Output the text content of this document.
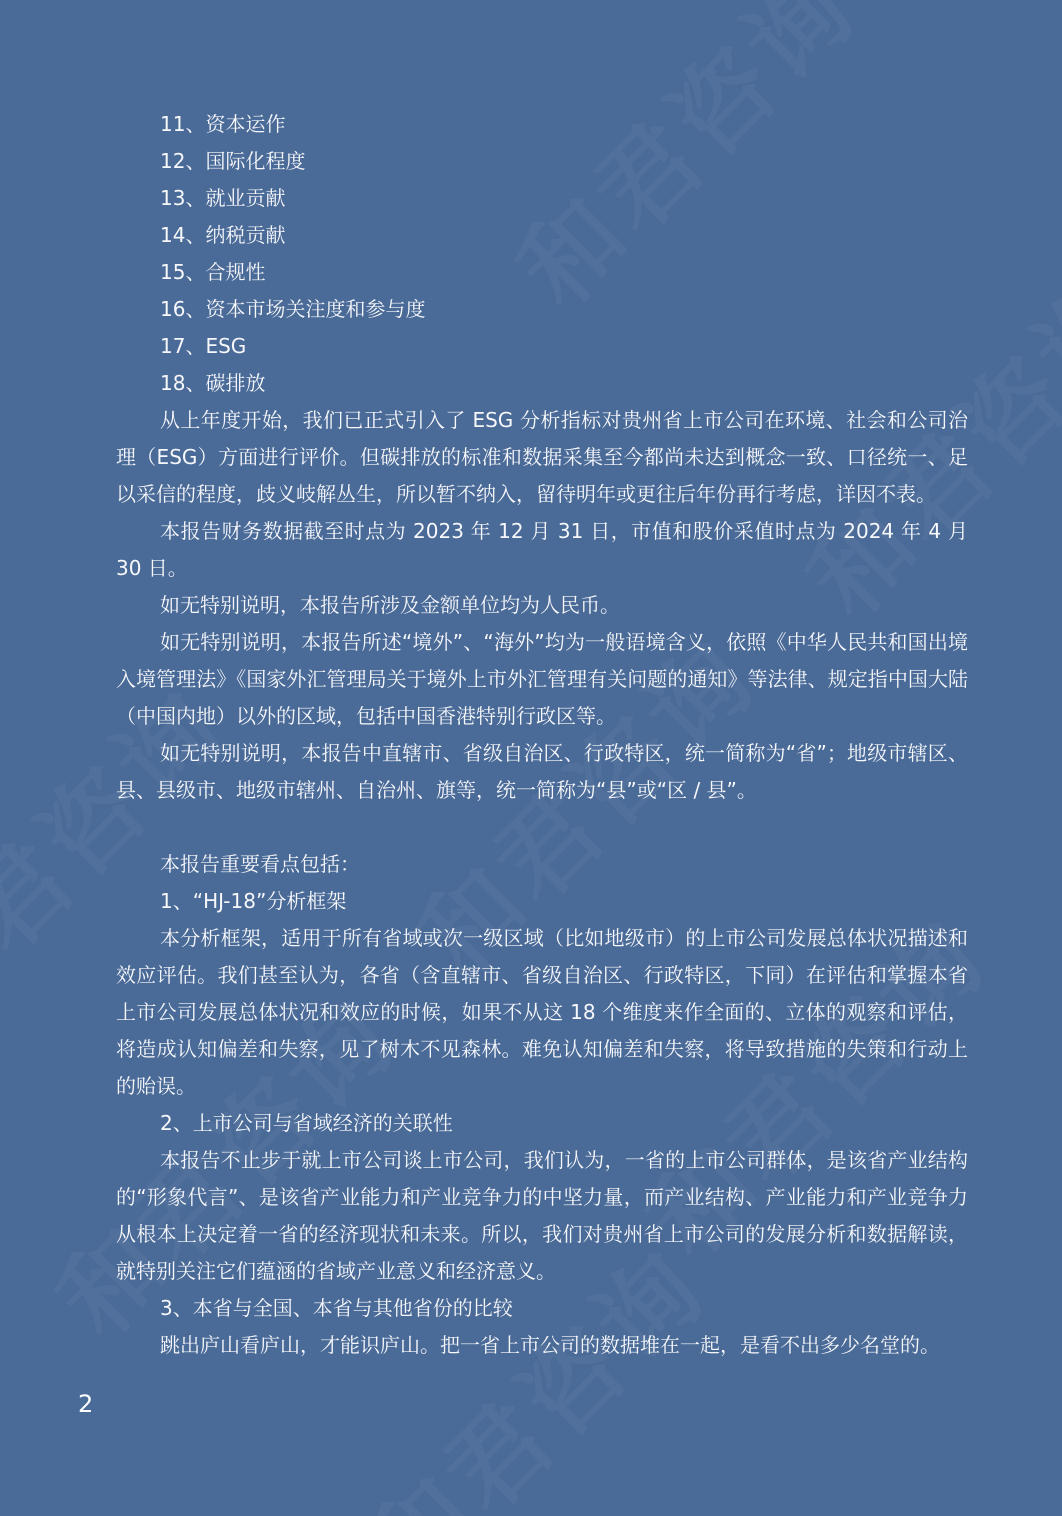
11、资本运作

12、国际化程度

13、就业贡献

14、纳税贡献

15、合规性

16、资本市场关注度和参与度

17、ESG

18、碳排放

从上年度开始，我们已正式引入了 ESG 分析指标对贵州省上市公司在环境、社会和公司治理（ESG）方面进行评价。但碳排放的标准和数据采集至今都尚未达到概念一致、口径统一、足以采信的程度，歧义岐解丛生，所以暂不纳入，留待明年或更往后年份再行考虑，详因不表。

本报告财务数据截至时点为 2023 年 12 月 31 日，市值和股价采值时点为 2024 年 4 月 30 日。

如无特别说明，本报告所涉及金额单位均为人民币。

如无特别说明，本报告所述“境外”、“海外”均为一般语境含义，依照《中华人民共和国出境入境管理法》《国家外汇管理局关于境外上市外汇管理有关问题的通知》等法律、规定指中国大陆（中国内地）以外的区域，包括中国香港特别行政区等。

如无特别说明，本报告中直辖市、省级自治区、行政特区，统一简称为“省”；地级市辖区、县、县级市、地级市辖州、自治州、旗等，统一简称为“县”或“区 / 县”。

本报告重要看点包括：

1、“HJ-18”分析框架

本分析框架，适用于所有省域或次一级区域（比如地级市）的上市公司发展总体状况描述和效应评估。我们甚至认为，各省（含直辖市、省级自治区、行政特区，下同）在评估和掌握本省上市公司发展总体状况和效应的时候，如果不从这 18 个维度来作全面的、立体的观察和评估，将造成认知偏差和失察，见了树木不见森林。难免认知偏差和失察，将导致措施的失策和行动上的贻误。

2、上市公司与省域经济的关联性

本报告不止步于就上市公司谈上市公司，我们认为，一省的上市公司群体，是该省产业结构的“形象代言”、是该省产业能力和产业竞争力的中坚力量，而产业结构、产业能力和产业竞争力从根本上决定着一省的经济现状和未来。所以，我们对贵州省上市公司的发展分析和数据解读，就特别关注它们蕴涵的省域产业意义和经济意义。

3、本省与全国、本省与其他省份的比较

跳出庐山看庐山，才能识庐山。把一省上市公司的数据堆在一起，是看不出多少名堂的。

2
